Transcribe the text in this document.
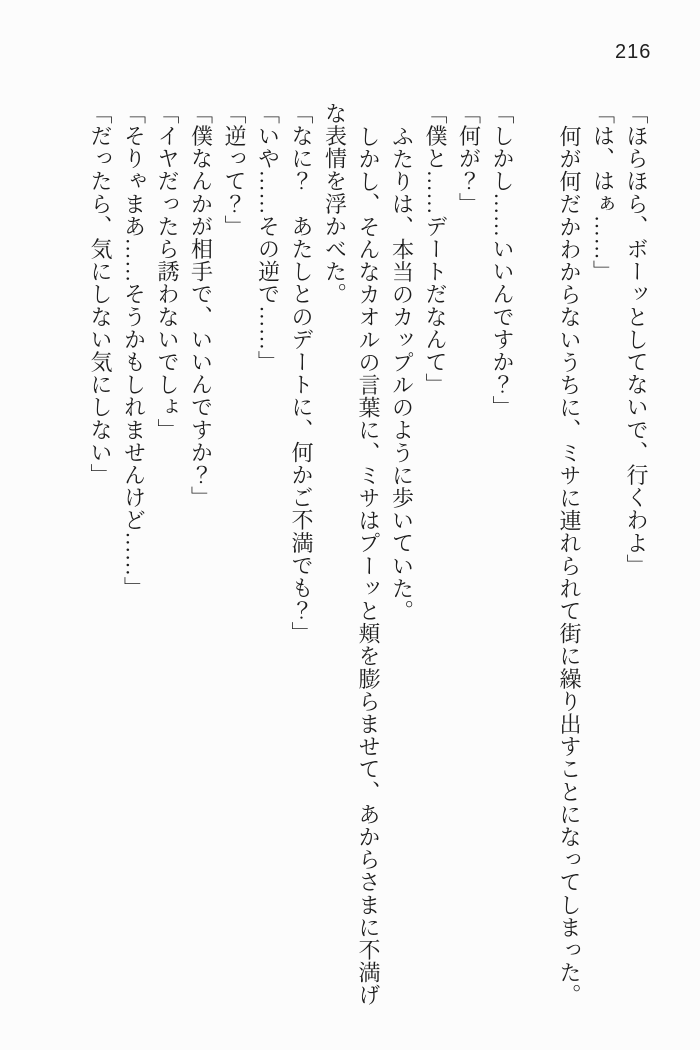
216

「ほらほら、ボーッとしてないで、行くわよ」

「は、はぁ……」

何が何だかわからないうちに、ミサに連れられて街に繰り出すことになってしまった。

「しかし……いいんですか？」

「何が？」

「僕と……デートだなんて」

ふたりは、本当のカップルのように歩いていた。

しかし、そんなカオルの言葉に、ミサはプーッと頬を膨らませて、あからさまに不満げ

な表情を浮かべた。

「なに？　あたしとのデートに、何かご不満でも？」

「いや……その逆で……」

「逆って？」

「僕なんかが相手で、いいんですか？」

「イヤだったら誘わないでしょ」

「そりゃまあ……そうかもしれませんけど……」

「だったら、気にしない気にしない」
